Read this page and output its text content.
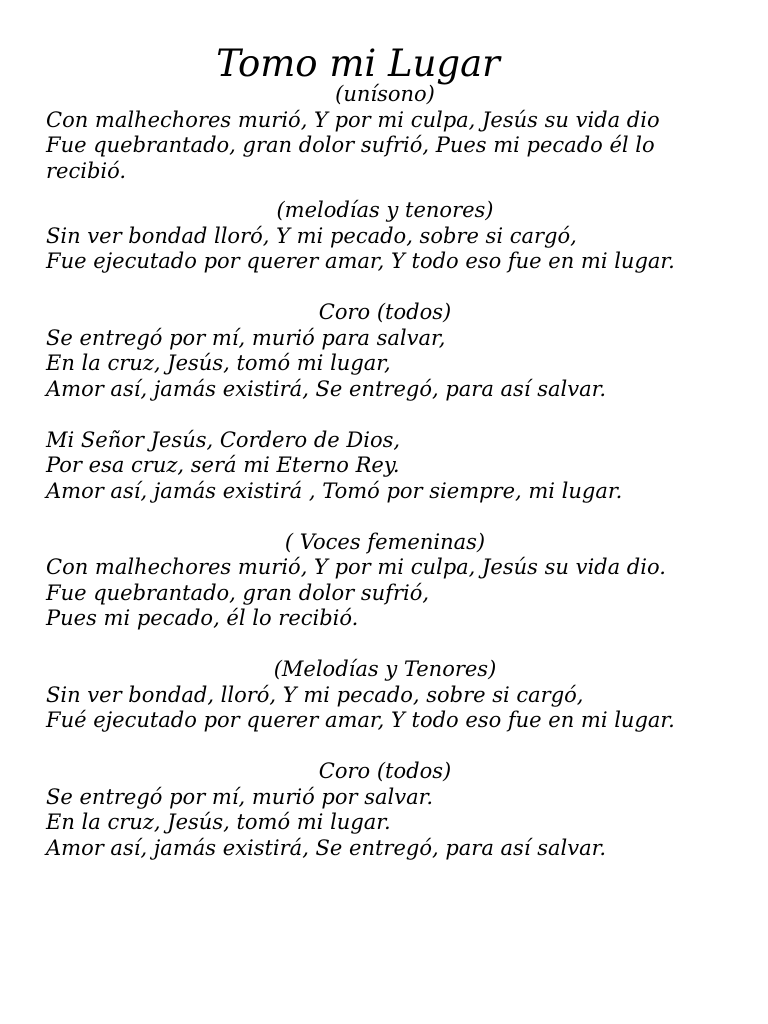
Tomo mi Lugar
(unísono)
Con malhechores murió, Y por mi culpa, Jesús su vida dio
Fue quebrantado, gran dolor sufrió, Pues mi pecado él lo recibió.
(melodías y tenores)
Sin ver bondad lloró, Y mi pecado, sobre si cargó,
Fue ejecutado por querer amar, Y todo eso fue en mi lugar.
Coro (todos)
Se entregó por mí, murió para salvar,
En la cruz, Jesús, tomó mi lugar,
Amor así, jamás existirá, Se entregó, para así salvar.
Mi Señor Jesús, Cordero de Dios,
Por esa cruz, será mi Eterno Rey.
Amor así, jamás existirá , Tomó por siempre, mi lugar.
( Voces femeninas)
Con malhechores murió, Y por mi culpa, Jesús su vida dio.
Fue quebrantado, gran dolor sufrió,
Pues mi pecado, él lo recibió.
(Melodías y Tenores)
Sin ver bondad, lloró, Y mi pecado, sobre si cargó,
Fué ejecutado por querer amar, Y todo eso fue en mi lugar.
Coro (todos)
Se entregó por mí, murió por salvar.
En la cruz, Jesús, tomó mi lugar.
Amor así, jamás existirá, Se entregó, para así salvar.
